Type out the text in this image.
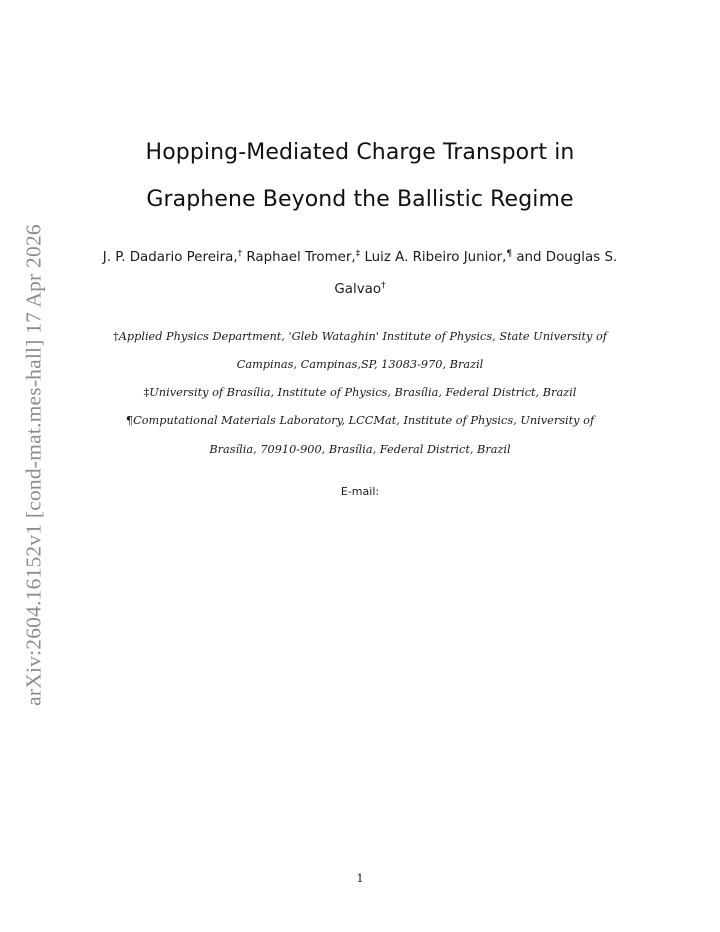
arXiv:2604.16152v1 [cond-mat.mes-hall] 17 Apr 2026
Hopping-Mediated Charge Transport in
Graphene Beyond the Ballistic Regime
J. P. Dadario Pereira,† Raphael Tromer,‡ Luiz A. Ribeiro Junior,¶ and Douglas S.
Galvao†
†Applied Physics Department, 'Gleb Wataghin' Institute of Physics, State University of
Campinas, Campinas,SP, 13083-970, Brazil
‡University of Brasília, Institute of Physics, Brasília, Federal District, Brazil
¶Computational Materials Laboratory, LCCMat, Institute of Physics, University of
Brasília, 70910-900, Brasília, Federal District, Brazil
E-mail:
1
